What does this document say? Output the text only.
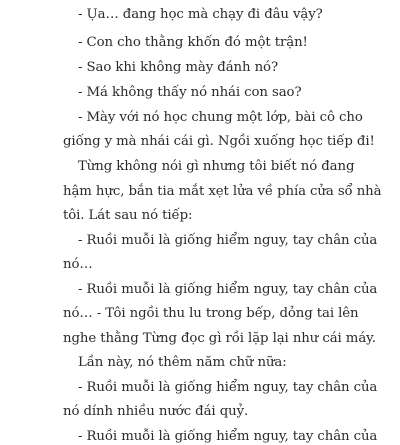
- Ụa… đang học mà chạy đi đâu vậy?
- Con cho thằng khốn đó một trận!
- Sao khi không mày đánh nó?
- Má không thấy nó nhái con sao?
- Mày với nó học chung một lớp, bài cô cho
giống y mà nhái cái gì. Ngồi xuống học tiếp đi!
Từng không nói gì nhưng tôi biết nó đang
hậm hực, bắn tia mắt xẹt lửa về phía cửa sổ nhà
tôi. Lát sau nó tiếp:
- Ruồi muỗi là giống hiểm nguy, tay chân của
nó…
- Ruồi muỗi là giống hiểm nguy, tay chân của
nó… - Tôi ngồi thu lu trong bếp, dỏng tai lên
nghe thằng Từng đọc gì rồi lặp lại như cái máy.
Lần này, nó thêm năm chữ nữa:
- Ruồi muỗi là giống hiểm nguy, tay chân của
nó dính nhiều nước đái quỷ.
- Ruồi muỗi là giống hiểm nguy, tay chân của
